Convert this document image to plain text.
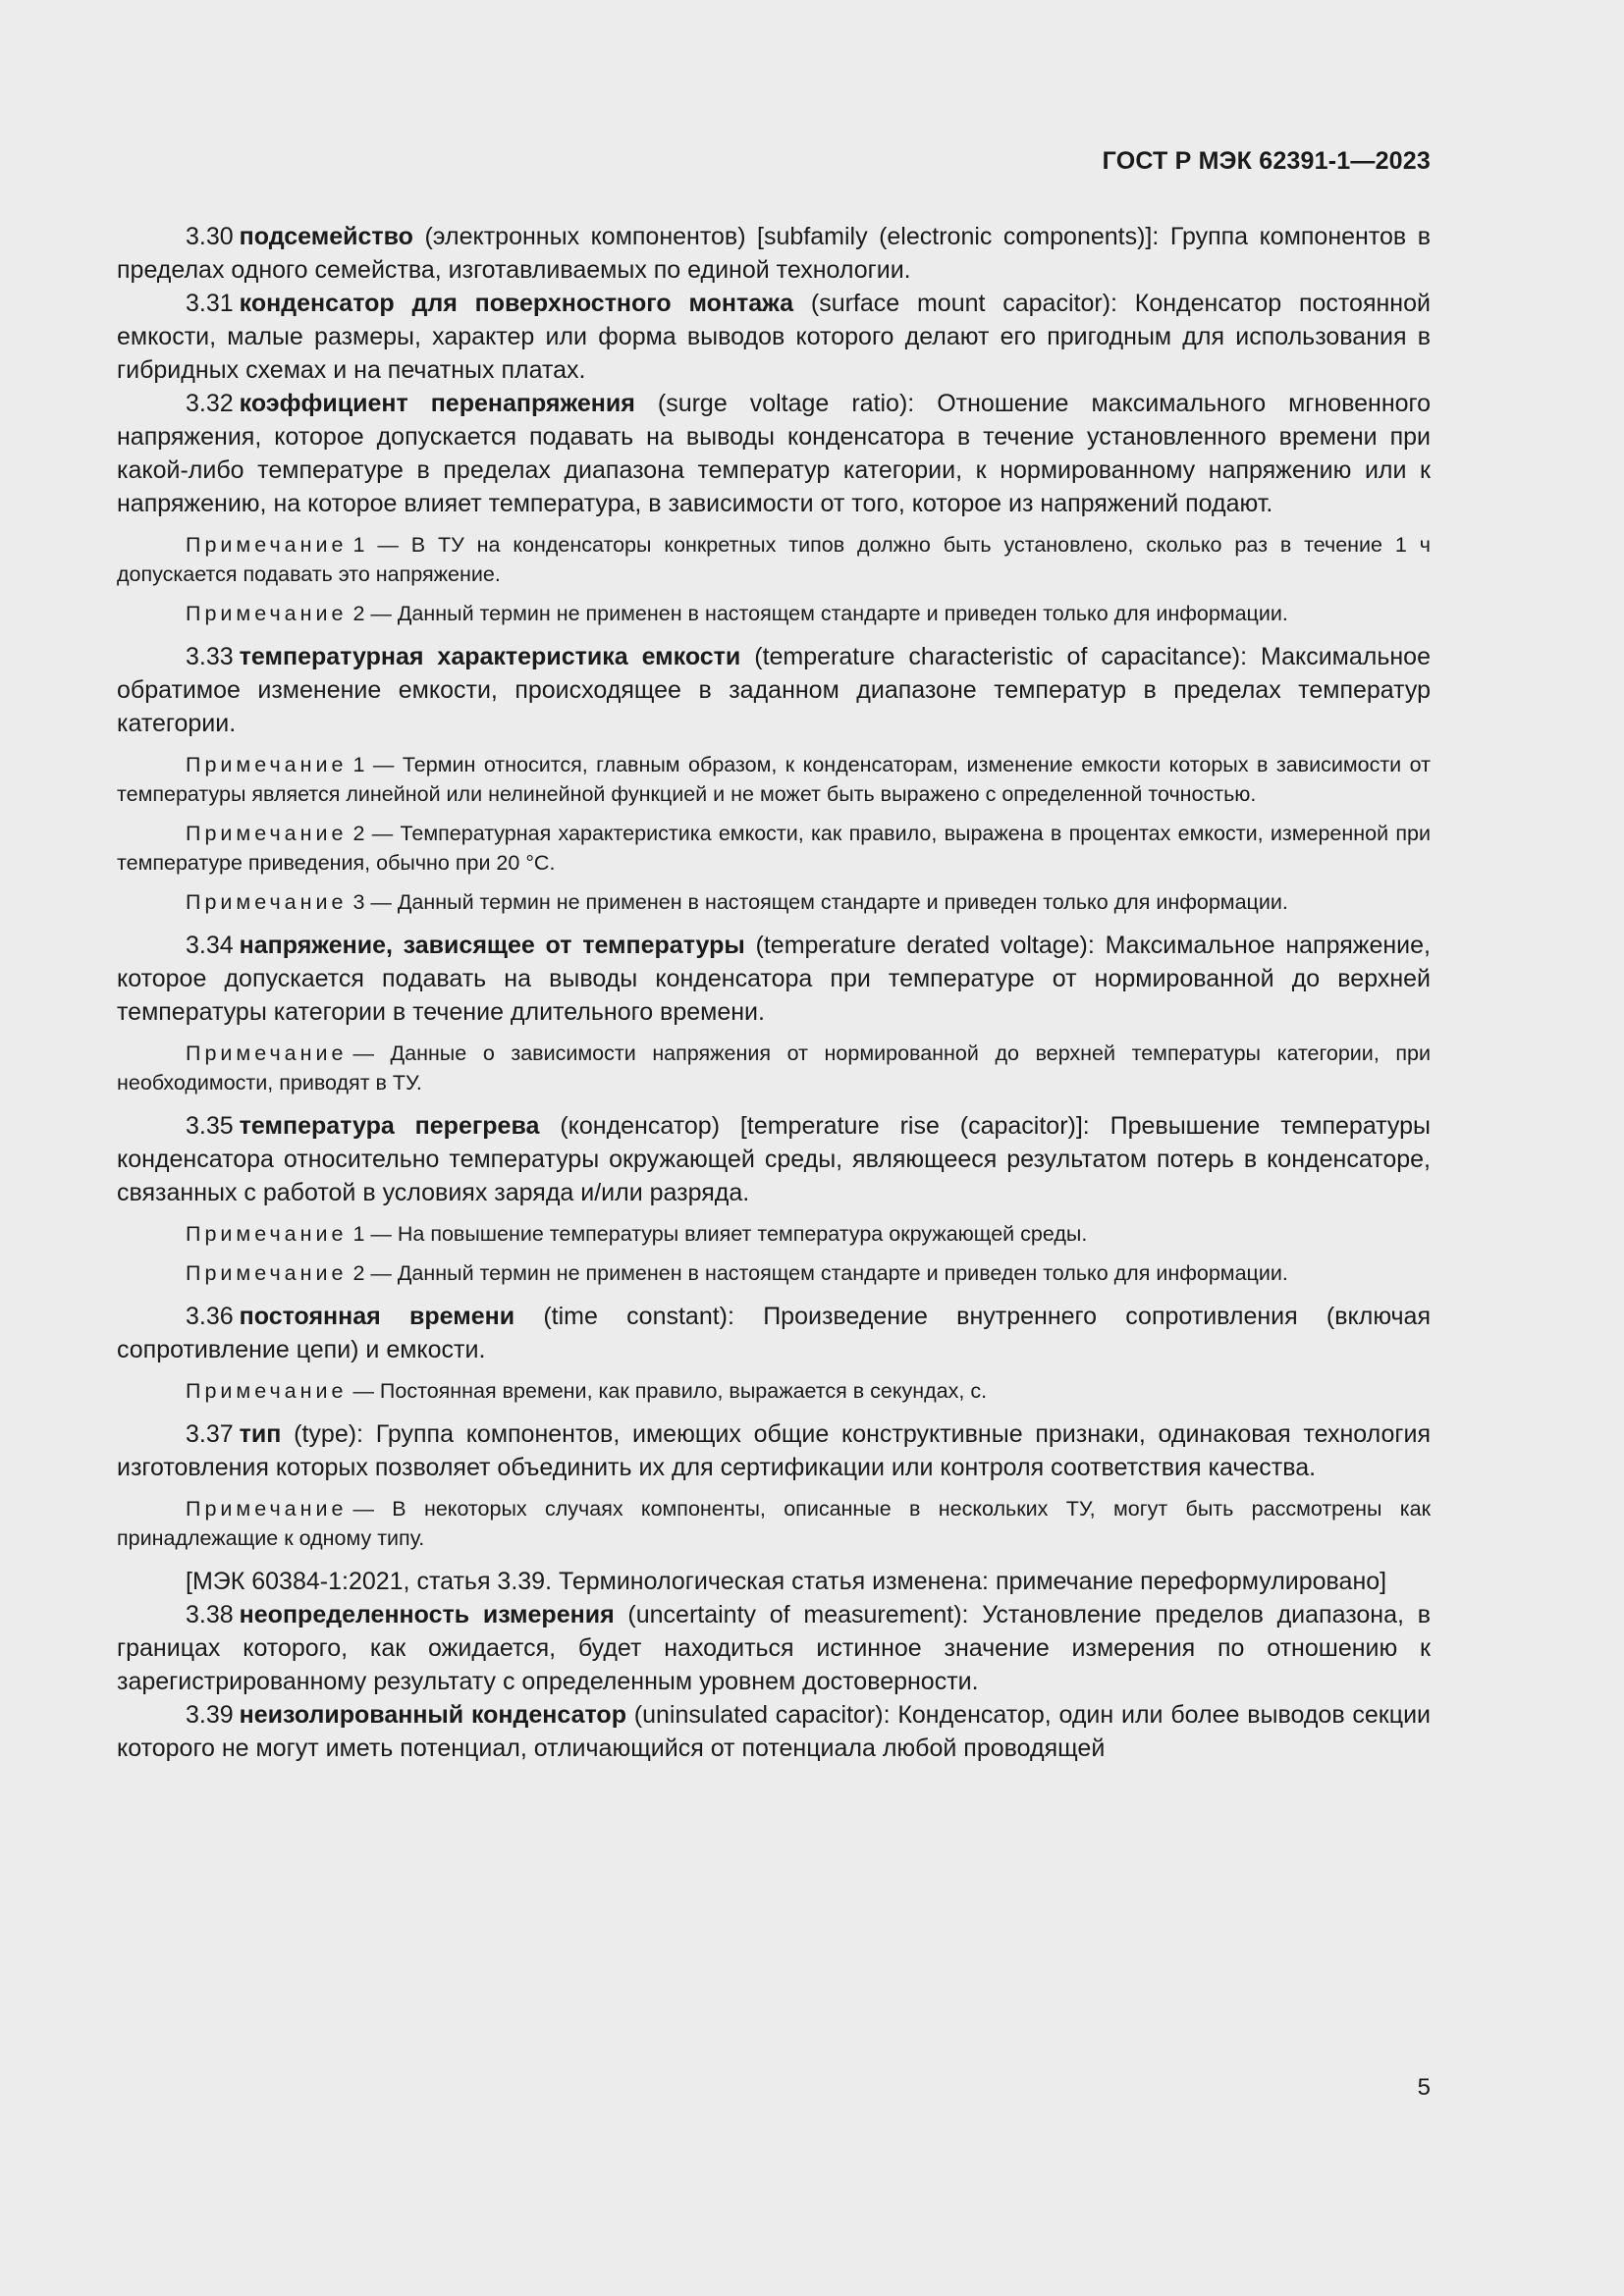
ГОСТ Р МЭК 62391-1—2023

3.30 подсемейство (электронных компонентов) [subfamily (electronic components)]: Группа компонентов в пределах одного семейства, изготавливаемых по единой технологии.

3.31 конденсатор для поверхностного монтажа (surface mount capacitor): Конденсатор постоянной емкости, малые размеры, характер или форма выводов которого делают его пригодным для использования в гибридных схемах и на печатных платах.

3.32 коэффициент перенапряжения (surge voltage ratio): Отношение максимального мгновенного напряжения, которое допускается подавать на выводы конденсатора в течение установленного времени при какой-либо температуре в пределах диапазона температур категории, к нормированному напряжению или к напряжению, на которое влияет температура, в зависимости от того, которое из напряжений подают.

Примечание 1 — В ТУ на конденсаторы конкретных типов должно быть установлено, сколько раз в течение 1 ч допускается подавать это напряжение.

Примечание 2 — Данный термин не применен в настоящем стандарте и приведен только для информации.

3.33 температурная характеристика емкости (temperature characteristic of capacitance): Максимальное обратимое изменение емкости, происходящее в заданном диапазоне температур в пределах температур категории.

Примечание 1 — Термин относится, главным образом, к конденсаторам, изменение емкости которых в зависимости от температуры является линейной или нелинейной функцией и не может быть выражено с определенной точностью.

Примечание 2 — Температурная характеристика емкости, как правило, выражена в процентах емкости, измеренной при температуре приведения, обычно при 20 °C.

Примечание 3 — Данный термин не применен в настоящем стандарте и приведен только для информации.

3.34 напряжение, зависящее от температуры (temperature derated voltage): Максимальное напряжение, которое допускается подавать на выводы конденсатора при температуре от нормированной до верхней температуры категории в течение длительного времени.

Примечание — Данные о зависимости напряжения от нормированной до верхней температуры категории, при необходимости, приводят в ТУ.

3.35 температура перегрева (конденсатор) [temperature rise (capacitor)]: Превышение температуры конденсатора относительно температуры окружающей среды, являющееся результатом потерь в конденсаторе, связанных с работой в условиях заряда и/или разряда.

Примечание 1 — На повышение температуры влияет температура окружающей среды.

Примечание 2 — Данный термин не применен в настоящем стандарте и приведен только для информации.

3.36 постоянная времени (time constant): Произведение внутреннего сопротивления (включая сопротивление цепи) и емкости.

Примечание — Постоянная времени, как правило, выражается в секундах, с.

3.37 тип (type): Группа компонентов, имеющих общие конструктивные признаки, одинаковая технология изготовления которых позволяет объединить их для сертификации или контроля соответствия качества.

Примечание — В некоторых случаях компоненты, описанные в нескольких ТУ, могут быть рассмотрены как принадлежащие к одному типу.

[МЭК 60384-1:2021, статья 3.39. Терминологическая статья изменена: примечание переформулировано]

3.38 неопределенность измерения (uncertainty of measurement): Установление пределов диапазона, в границах которого, как ожидается, будет находиться истинное значение измерения по отношению к зарегистрированному результату с определенным уровнем достоверности.

3.39 неизолированный конденсатор (uninsulated capacitor): Конденсатор, один или более выводов секции которого не могут иметь потенциал, отличающийся от потенциала любой проводящей

5
